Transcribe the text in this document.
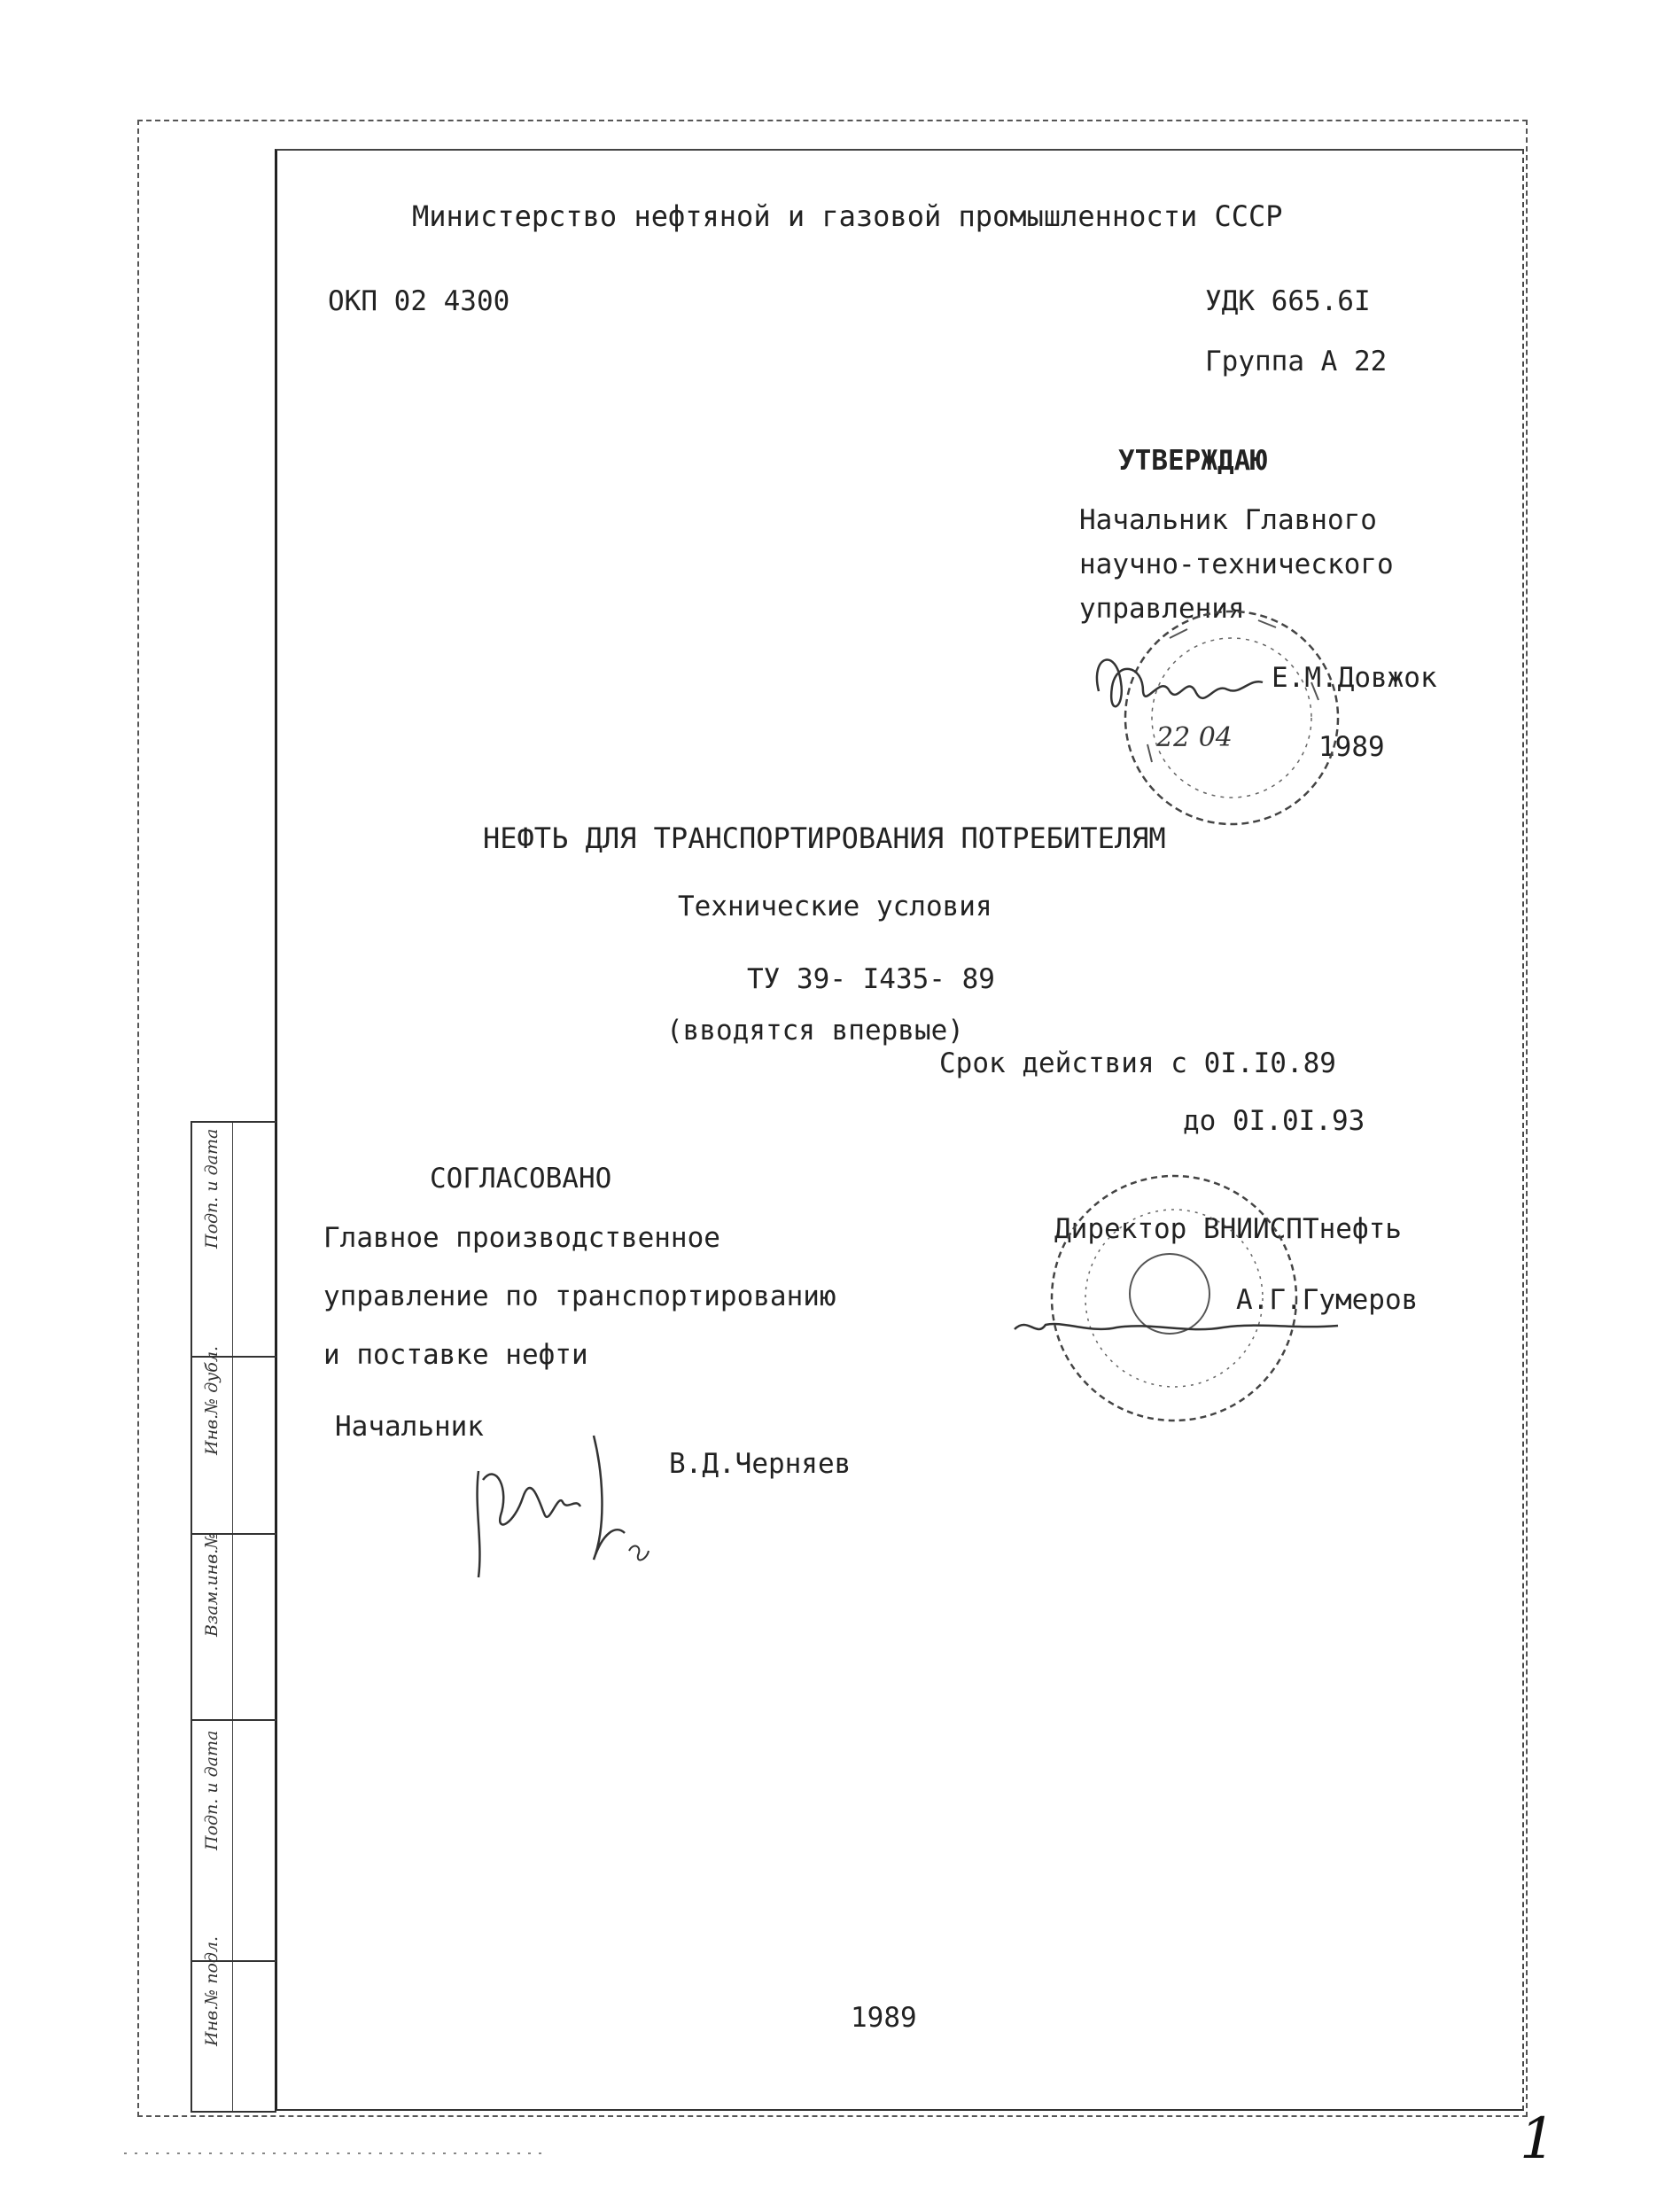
Подп. и дата
Инв.№ дубл.
Взам.инв.№
Подп. и дата
Инв.№ подл.
Министерство нефтяной и газовой промышленности СССР
ОКП 02 4300	УДК 665.6I
Группа А 22
УТВЕРЖДАЮ
Начальник Главного
научно-технического
управления
Е.М.Довжок
1989
22 04
НЕФТЬ ДЛЯ ТРАНСПОРТИРОВАНИЯ ПОТРЕБИТЕЛЯМ
Технические условия
ТУ 39- I435- 89
(вводятся впервые)
Срок действия с 0I.I0.89
до 0I.0I.93
СОГЛАСОВАНО
Главное производственное
управление по транспортированию
и поставке нефти
Начальник
В.Д.Черняев
Директор ВНИИСПТнефть
А.Г.Гумеров
1989
1
